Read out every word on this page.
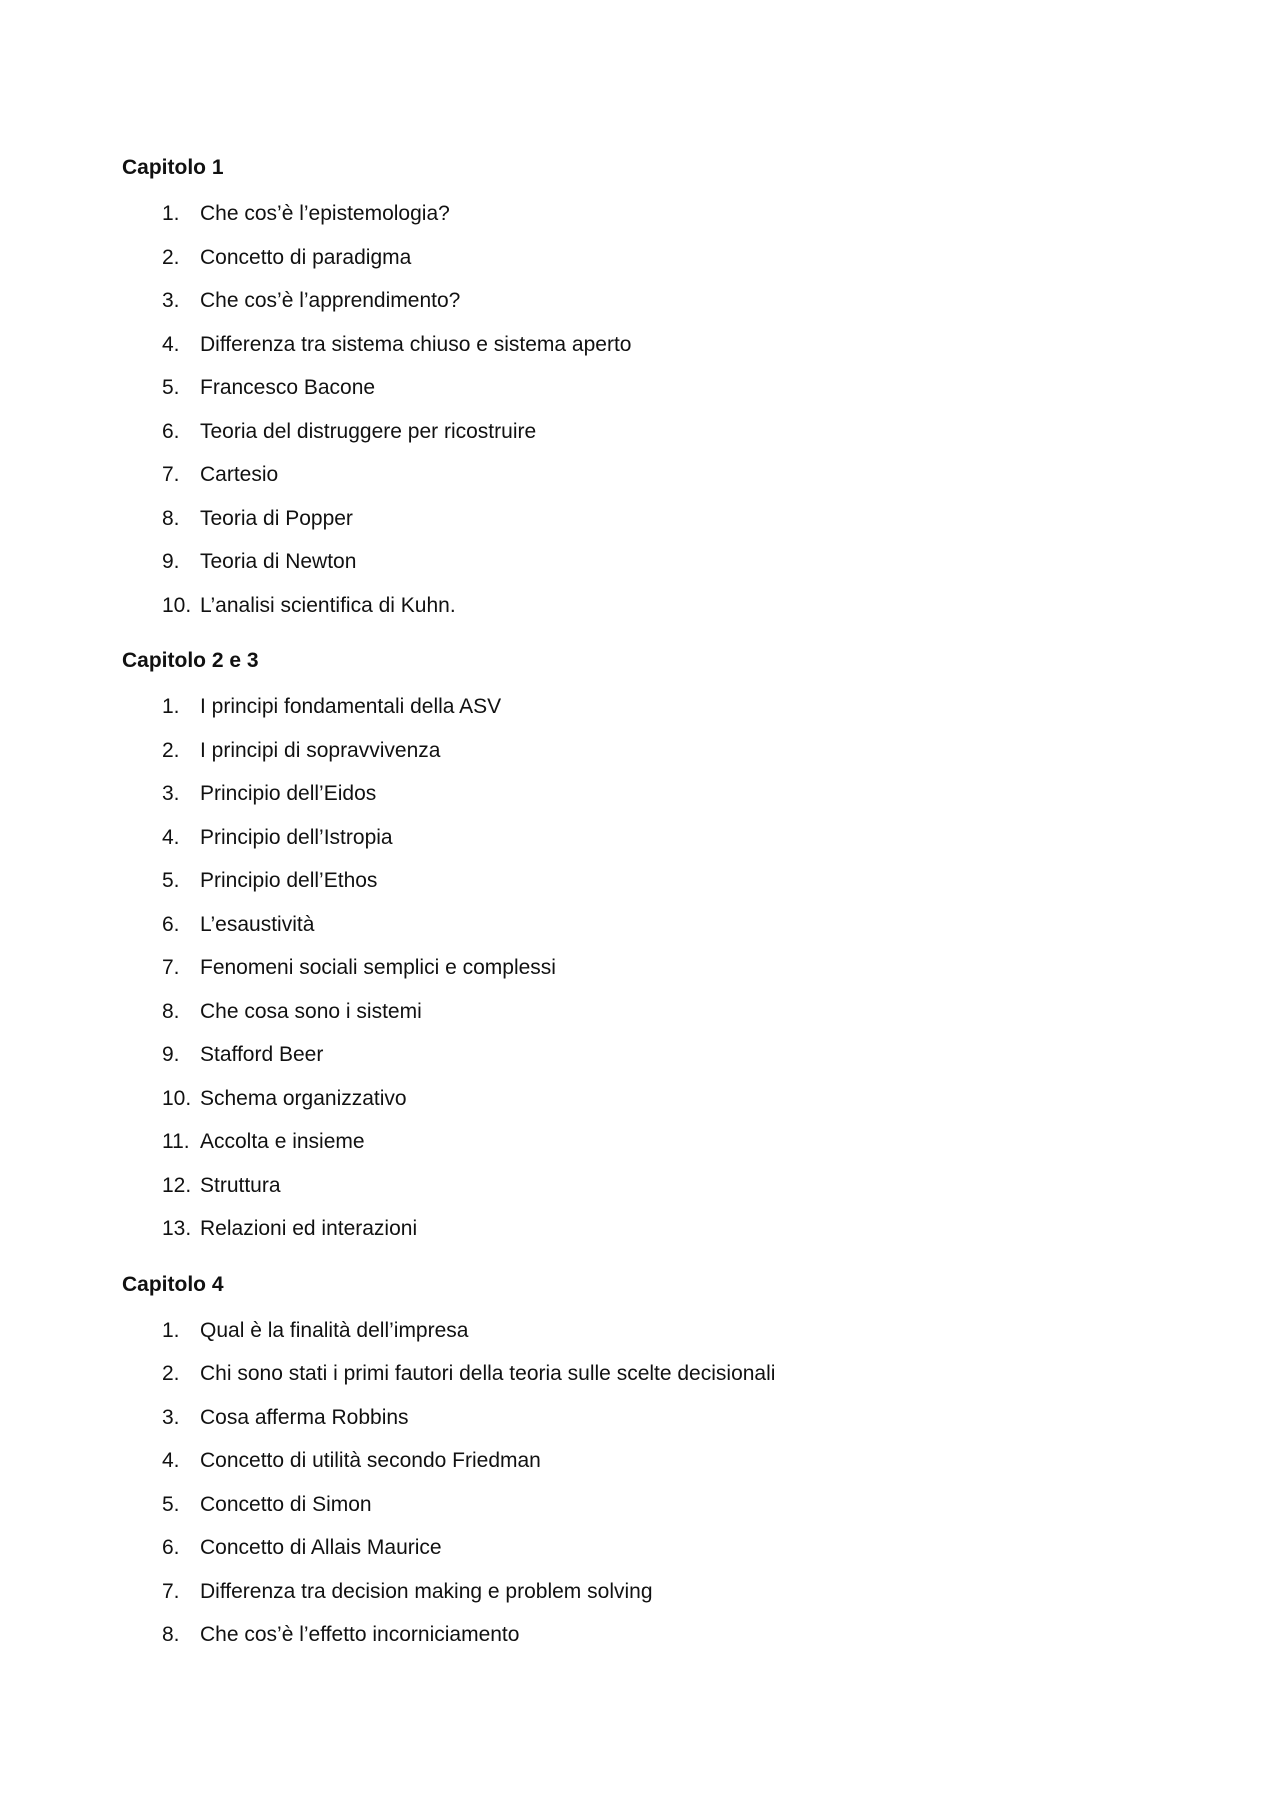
Capitolo 1
1. Che cos’è l’epistemologia?
2. Concetto di paradigma
3. Che cos’è l’apprendimento?
4. Differenza tra sistema chiuso e sistema aperto
5. Francesco Bacone
6. Teoria del distruggere per ricostruire
7. Cartesio
8. Teoria di Popper
9. Teoria di Newton
10. L’analisi scientifica di Kuhn.
Capitolo 2 e 3
1. I principi fondamentali della ASV
2. I principi di sopravvivenza
3. Principio dell’Eidos
4. Principio dell’Istropia
5. Principio dell’Ethos
6. L’esaustività
7. Fenomeni sociali semplici e complessi
8. Che cosa sono i sistemi
9. Stafford Beer
10. Schema organizzativo
11. Accolta e insieme
12. Struttura
13. Relazioni ed interazioni
Capitolo 4
1. Qual è la finalità dell’impresa
2. Chi sono stati i primi fautori della teoria sulle scelte decisionali
3. Cosa afferma Robbins
4. Concetto di utilità secondo Friedman
5. Concetto di Simon
6. Concetto di Allais Maurice
7. Differenza tra decision making e problem solving
8. Che cos’è l’effetto incorniciamento
